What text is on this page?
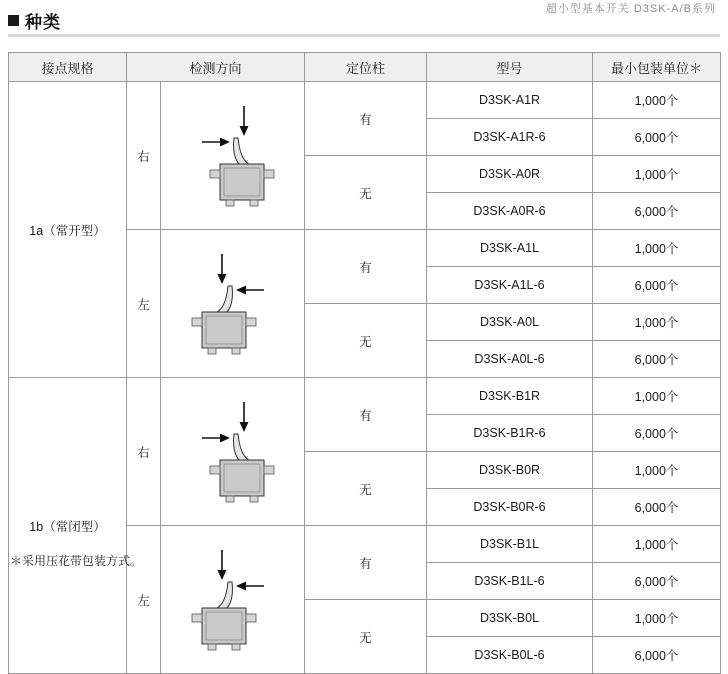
超小型基本开关 D3SK-A/B系列
种类
接点规格	检测方向		定位柱	型号	最小包装单位＊
1a（常开型）	右		有	D3SK-A1R	1,000个
				D3SK-A1R-6	6,000个
			无	D3SK-A0R	1,000个
				D3SK-A0R-6	6,000个
	左		有	D3SK-A1L	1,000个
				D3SK-A1L-6	6,000个
			无	D3SK-A0L	1,000个
				D3SK-A0L-6	6,000个
1b（常闭型）	右		有	D3SK-B1R	1,000个
				D3SK-B1R-6	6,000个
			无	D3SK-B0R	1,000个
				D3SK-B0R-6	6,000个
	左		有	D3SK-B1L	1,000个
				D3SK-B1L-6	6,000个
			无	D3SK-B0L	1,000个
				D3SK-B0L-6	6,000个
＊采用压花带包装方式。
